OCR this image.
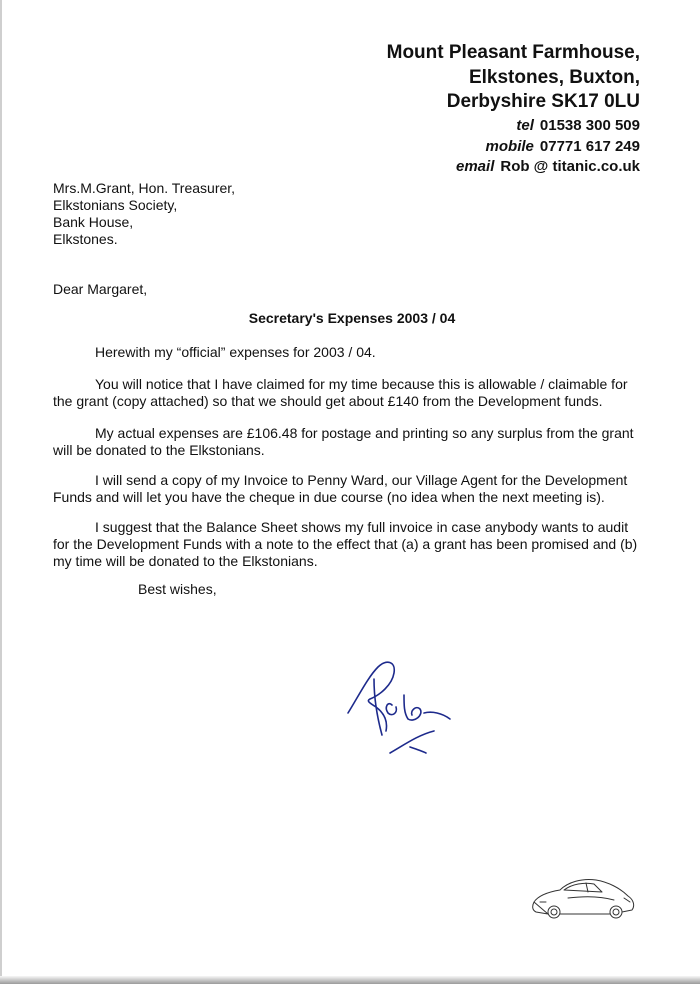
Mount Pleasant Farmhouse,
Elkstones, Buxton,
Derbyshire SK17 0LU
tel 01538 300 509
mobile 07771 617 249
email Rob @ titanic.co.uk
Mrs.M.Grant, Hon. Treasurer,
Elkstonians Society,
Bank House,
Elkstones.
Dear Margaret,
Secretary's Expenses 2003 / 04
Herewith my “official” expenses for 2003 / 04.
You will notice that I have claimed for my time because this is allowable / claimable for
the grant (copy attached) so that we should get about £140 from the Development funds.
My actual expenses are £106.48 for postage and printing so any surplus from the grant
will be donated to the Elkstonians.
I will send a copy of my Invoice to Penny Ward, our Village Agent for the Development
Funds and will let you have the cheque in due course (no idea when the next meeting is).
I suggest that the Balance Sheet shows my full invoice in case anybody wants to audit
for the Development Funds with a note to the effect that (a) a grant has been promised and (b)
my time will be donated to the Elkstonians.
Best wishes,
